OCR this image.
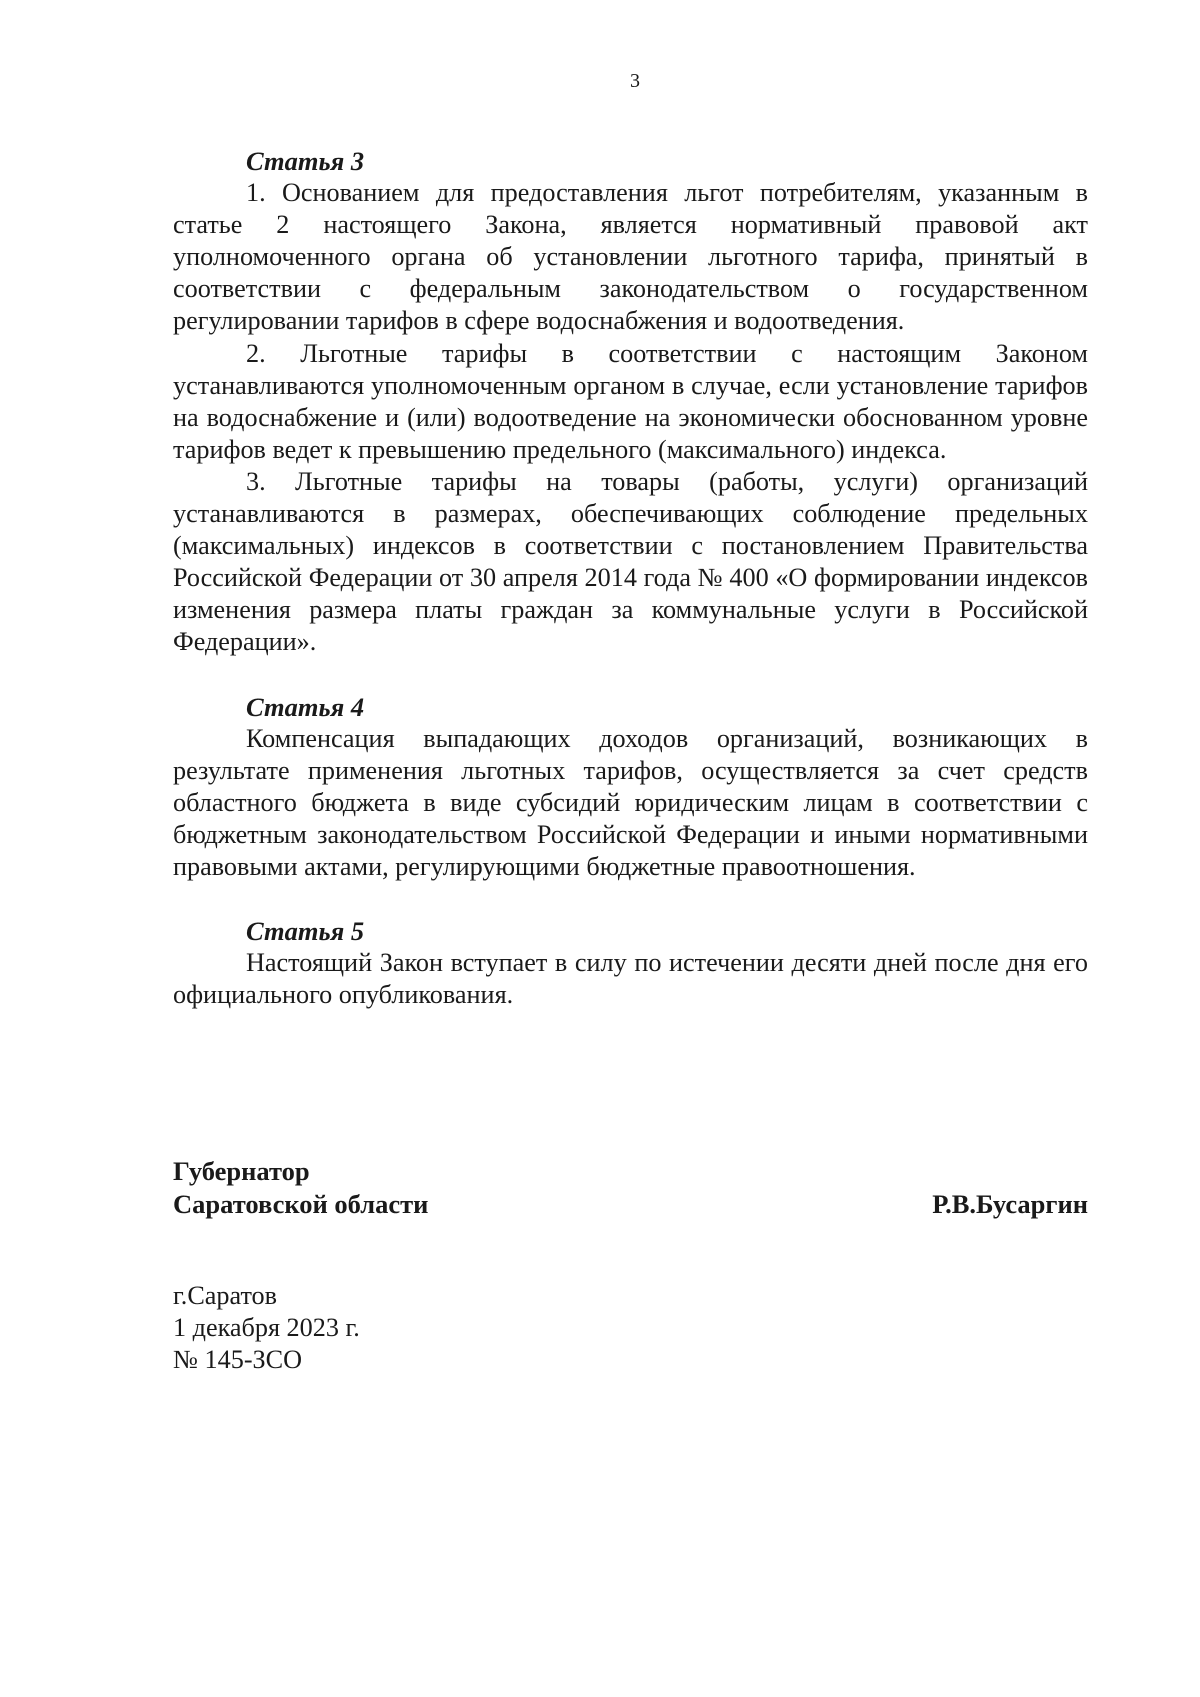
3

Статья 3

1. Основанием для предоставления льгот потребителям, указанным в статье 2 настоящего Закона, является нормативный правовой акт уполномоченного органа об установлении льготного тарифа, принятый в соответствии с федеральным законодательством о государственном регулировании тарифов в сфере водоснабжения и водоотведения.

2. Льготные тарифы в соответствии с настоящим Законом устанавливаются уполномоченным органом в случае, если установление тарифов на водоснабжение и (или) водоотведение на экономически обоснованном уровне тарифов ведет к превышению предельного (максимального) индекса.

3. Льготные тарифы на товары (работы, услуги) организаций устанавливаются в размерах, обеспечивающих соблюдение предельных (максимальных) индексов в соответствии с постановлением Правительства Российской Федерации от 30 апреля 2014 года № 400 «О формировании индексов изменения размера платы граждан за коммунальные услуги в Российской Федерации».

Статья 4

Компенсация выпадающих доходов организаций, возникающих в результате применения льготных тарифов, осуществляется за счет средств областного бюджета в виде субсидий юридическим лицам в соответствии с бюджетным законодательством Российской Федерации и иными нормативными правовыми актами, регулирующими бюджетные правоотношения.

Статья 5

Настоящий Закон вступает в силу по истечении десяти дней после дня его официального опубликования.

Губернатор
Саратовской области	Р.В.Бусаргин
г.Саратов
1 декабря 2023 г.
№ 145-ЗСО
